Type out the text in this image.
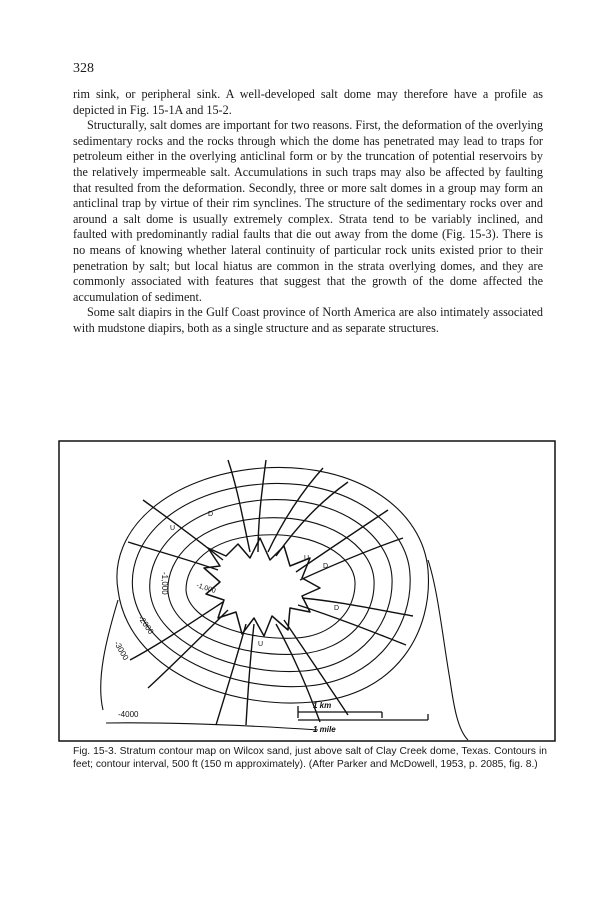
328

rim sink, or peripheral sink. A well-developed salt dome may therefore have a profile as depicted in Fig. 15-1A and 15-2.

Structurally, salt domes are important for two reasons. First, the deformation of the overlying sedimentary rocks and the rocks through which the dome has penetrated may lead to traps for petroleum either in the overlying anticlinal form or by the truncation of potential reservoirs by the relatively impermeable salt. Accumulations in such traps may also be affected by faulting that resulted from the deformation. Secondly, three or more salt domes in a group may form an anticlinal trap by virtue of their rim synclines. The structure of the sedimentary rocks over and around a salt dome is usually extremely complex. Strata tend to be variably inclined, and faulted with predominantly radial faults that die out away from the dome (Fig. 15-3). There is no means of knowing whether lateral continuity of particular rock units existed prior to their penetration by salt; but local hiatus are common in the strata overlying domes, and they are commonly associated with features that suggest that the growth of the dome affected the accumulation of sediment.

Some salt diapirs in the Gulf Coast province of North America are also intimately associated with mudstone diapirs, both as a single structure and as separate structures.

-1,000
-2000
-3000
-4000
-1,000
U
D
U
D
U
D
1 km
1 mile
Fig. 15-3. Stratum contour map on Wilcox sand, just above salt of Clay Creek dome, Texas. Contours in feet; contour interval, 500 ft (150 m approximately). (After Parker and McDowell, 1953, p. 2085, fig. 8.)
